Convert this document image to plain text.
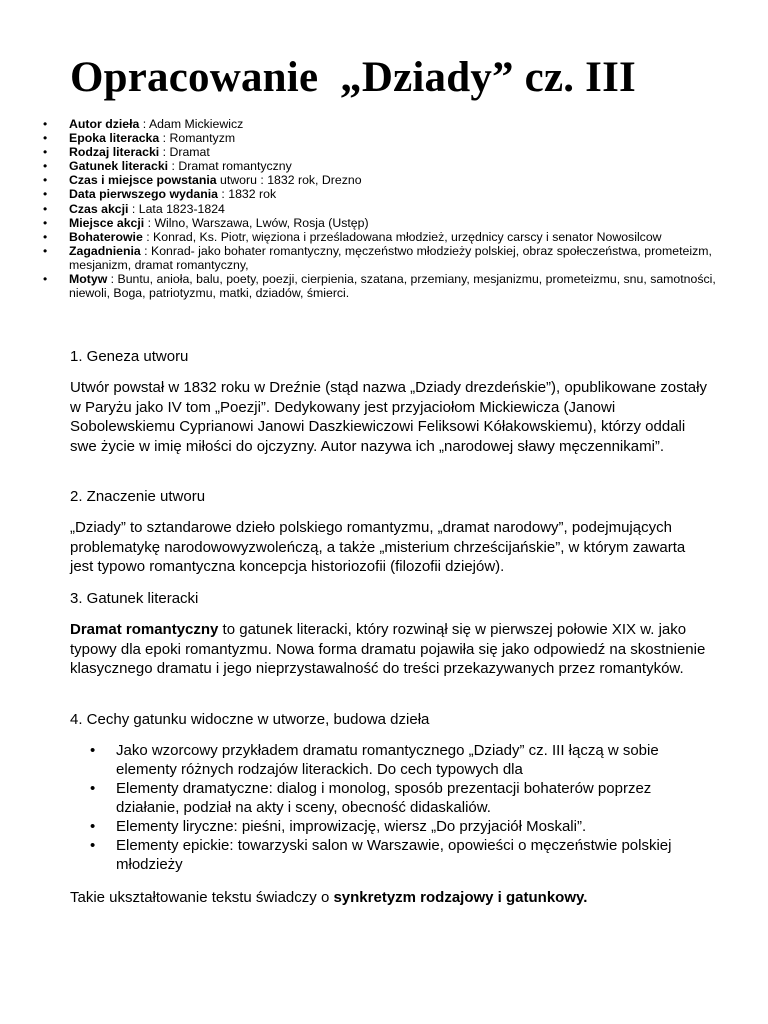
Opracowanie  „Dziady” cz. III
• Autor dzieła : Adam Mickiewicz
• Epoka literacka : Romantyzm
• Rodzaj literacki : Dramat
• Gatunek literacki : Dramat romantyczny
• Czas i miejsce powstania utworu : 1832 rok, Drezno
• Data pierwszego wydania : 1832 rok
• Czas akcji : Lata 1823-1824
• Miejsce akcji : Wilno, Warszawa, Lwów, Rosja (Ustęp)
• Bohaterowie : Konrad, Ks. Piotr, więziona i prześladowana młodzież, urzędnicy carscy i senator Nowosilcow
• Zagadnienia : Konrad- jako bohater romantyczny, męczeństwo młodzieży polskiej, obraz społeczeństwa, prometeizm, mesjanizm, dramat romantyczny,
• Motyw : Buntu, anioła, balu, poety, poezji, cierpienia, szatana, przemiany, mesjanizmu, prometeizmu, snu, samotności, niewoli, Boga, patriotyzmu, matki, dziadów, śmierci.
1. Geneza utworu

Utwór powstał w 1832 roku w Dreźnie (stąd nazwa „Dziady drezdeńskie”), opublikowane zostały w Paryżu jako IV tom „Poezji”. Dedykowany jest przyjaciołom Mickiewicza (Janowi Sobolewskiemu Cyprianowi Janowi Daszkiewiczowi Feliksowi Kółakowskiemu), którzy oddali swe życie w imię miłości do ojczyzny. Autor nazywa ich „narodowej sławy męczennikami”.

2. Znaczenie utworu

„Dziady” to sztandarowe dzieło polskiego romantyzmu, „dramat narodowy”, podejmujących problematykę narodowowyzwoleńczą, a także „misterium chrześcijańskie”, w którym zawarta jest typowo romantyczna koncepcja historiozofii (filozofii dziejów).

3. Gatunek literacki

Dramat romantyczny to gatunek literacki, który rozwinął się w pierwszej połowie XIX w. jako typowy dla epoki romantyzmu. Nowa forma dramatu pojawiła się jako odpowiedź na skostnienie klasycznego dramatu i jego nieprzystawalność do treści przekazywanych przez romantyków.

4. Cechy gatunku widoczne w utworze, budowa dzieła
• Jako wzorcowy przykładem dramatu romantycznego „Dziady” cz. III łączą w sobie elementy różnych rodzajów literackich. Do cech typowych dla
• Elementy dramatyczne: dialog i monolog, sposób prezentacji bohaterów poprzez działanie, podział na akty i sceny, obecność didaskaliów.
• Elementy liryczne: pieśni, improwizację, wiersz „Do przyjaciół Moskali”.
• Elementy epickie: towarzyski salon w Warszawie, opowieści o męczeństwie polskiej młodzieży

Takie ukształtowanie tekstu świadczy o synkretyzm rodzajowy i gatunkowy.
